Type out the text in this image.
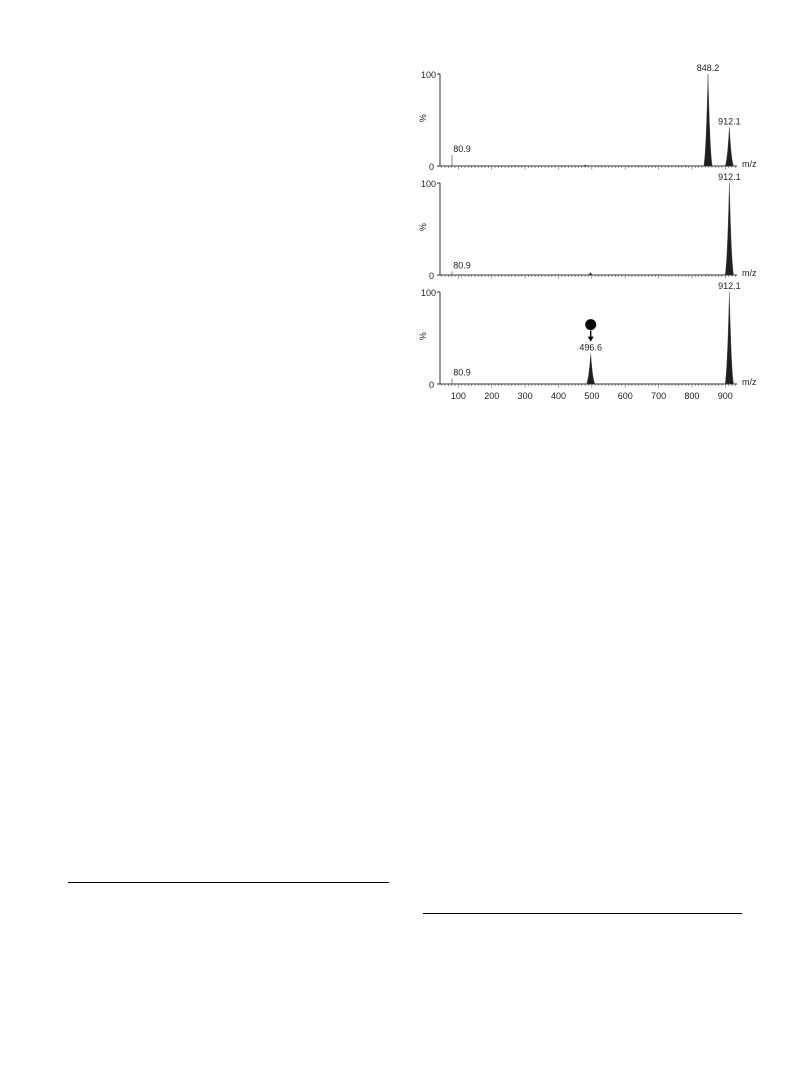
100
0
%
m/z
80.9
848.2
912.1
100
0
%
m/z
80.9
912.1
100
0
%
m/z
100 200 300 400 500 600 700 800 900
80.9
496.6
912.1
